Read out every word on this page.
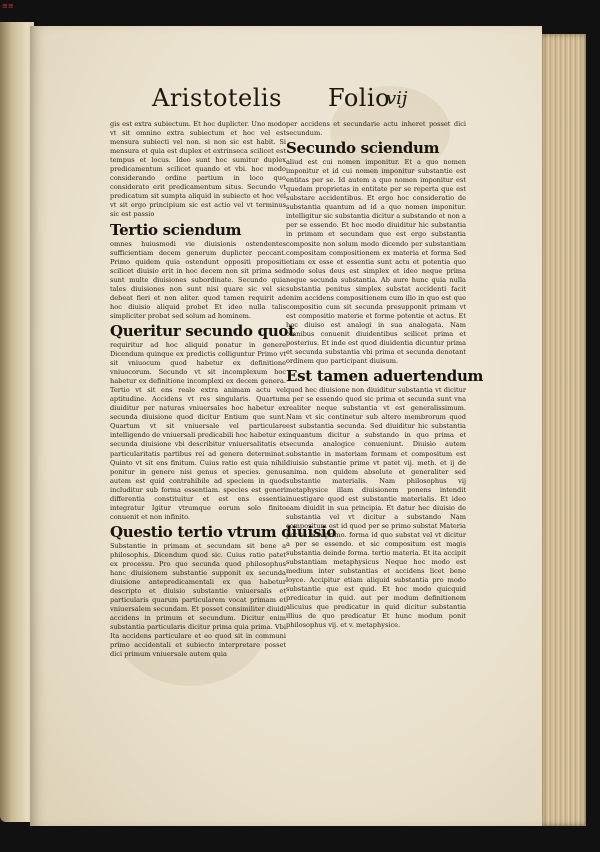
≡≡
Aristotelis Folio
vij

gis est extra subiectum. Et hoc duplicter. Uno modo vt sit omnino extra subiectum et hoc vel est mensura subiecti vel non. si non sic est habit. Si mensura et quia est duplex et extrinseca scilicet est tempus et locus. Ideo sunt hoc sumitur duplex predicamentum scilicet quando et vbi. hoc modo considerando ordine partium in loco quo considerato erit predicamentum situs. Secundo vt predicatum sit sumpta aliquid in subiecto et hoc vel vt sit ergo principium sic est actio vel vt terminus sic est passio

Tertio sciendum

omnes huiusmodi vie diuisionis ostendentes sufficientiam decem generum duplicter peccant. Primo quidem quia ostendunt oppositi propositi scilicet diuisio erit in hoc decem non sit prima sed sunt multe diuisiones subordinate. Secundo quia tales diuisiones non sunt nisi quare sic vel sic debeat fieri et non aliter. quod tamen requirit ad hoc diuisio aliquid probet Et ideo nulla talis simpliciter probat sed solum ad hominem.

Queritur secundo quot

requiritur ad hoc aliquid ponatur in genere Dicendum quinque ex predictis colliguntur Primo vt sit vniuocum quod habetur ex definitione vniuocorum. Secundo vt sit incomplexum hoc habetur ex definitione incomplexi ex decem genera. Tertio vt sit ens reale extra animam actu vel aptitudine. Accidens vt res singularis. Quartum diuiditur per naturas vniuersales hoc habetur ex secunda diuisione quod dicitur Entium que sunt. Quartum vt sit vniuersale vel particulare intelligendo de vniuersali predicabili hoc habetur ex secunda diuisione vbi describitur vniuersalitatis et particularitatis partibus rei ad genera determinat. Quinto vt sit ens finitum. Cuius ratio est quia nihil ponitur in genere nisi genus et species. genus autem est quid contrahibile ad speciem in quod includitur sub forma essentiam. species est generi differentia constituitur et est ens essentia integratur Igitur vtrumque eorum solo finito conuenit et non infinito.

Questio tertio vtrum diuisio

Substantie in primam et secundam sit bene a philosophis. Dicendum quod sic. Cuius ratio patet ex processu. Pro quo secunda quod philosophus hanc diuisionem substantie supponit ex secunda diuisione antepredicamentali ex qua habetur descripto et diuisio substantie vniuersalis et particularis quarum particularem vocat primam et vniuersalem secundam. Et posset consimiliter diuidi accidens in primum et secundum. Dicitur enim substantia particularis dicitur prima quia prima. Vbi Ita accidens particulare et eo quod sit in communi primo accidentali et subiecto interpretare posset dici primum vniuersale autem quia

per accidens et secundarie actu inheret posset dici secundum.

Secundo sciendum

aliud est cui nomen imponitur. Et a quo nomen imponitur et id cui nomen imponitur substantie est entitas per se. Id autem a quo nomen imponitur est quedam proprietas in entitate per se reperta que est substare accidentibus. Et ergo hoc consideratio de substantia quantum ad id a quo nomen imponitur. intelligitur sic substantia dicitur a substando et non a per se essendo. Et hoc modo diuiditur hic substantia in primam et secundam que est ergo substantia composite non solum modo dicendo per substantiam compositam compositionem ex materia et forma Sed etiam ex esse et essentia sunt actu et potentia quo modo solus deus est simplex et ideo neque prima neque secunda substantia. Ab aure hunc quia nulla substantia penitus simplex substat accidenti facit enim accidens compositionem cum illo in quo est que compositio cum sit secunda presupponit primam vt est compositio materie et forme potentie et actus. Et hoc diuiso est analogi in sua analogata. Nam omnibus conuenit diuidentibus scilicet prima et posterius. Et inde est quod diuidentia dicuntur prima et secunda substantia vbi prima et secunda denotant ordinem quo participant diuisum.

Est tamen aduertendum

quod hec diuisione non diuiditur substantia vt dicitur a per se essendo quod sic prima et secunda sunt vna realiter neque substantia vt est generalissimum. Nam vt sic continetur sub altero membrorum quod est substantia secunda. Sed diuiditur hic substantia inquantum dicitur a substando in quo prima et secunda analogice conueniunt. Diuisio autem substantie in materiam formam et compositum est diuisio substantie prime vt patet vij. meth. et ij de anima. non quidem absolute et generaliter sed substantie materialis. Nam philosophus vij metaphysice illam diuisionem ponens intendit inuestigare quod est substantie materialis. Et ideo eam diuidit in sua principia. Et datur hec diuisio de substantia vel vt dicitur a substando Nam compositum est id quod per se primo substat Materia per se non primo. forma id quo substat vel vt dicitur a per se essendo. et sic compositum est magis substantia deinde forma. tertio materia. Et ita accipit substantiam metaphysicus Neque hoc modo est medium inter substantias et accidens licet bene loyce. Accipitur etiam aliquid substantia pro modo substantie que est quid. Et hoc modo quicquid predicatur in quid. aut per modum definitionem alicuius que predicatur in quid dicitur substantia illius de quo predicatur Et hunc modum ponit philosophus vij. et v. metaphysice.
